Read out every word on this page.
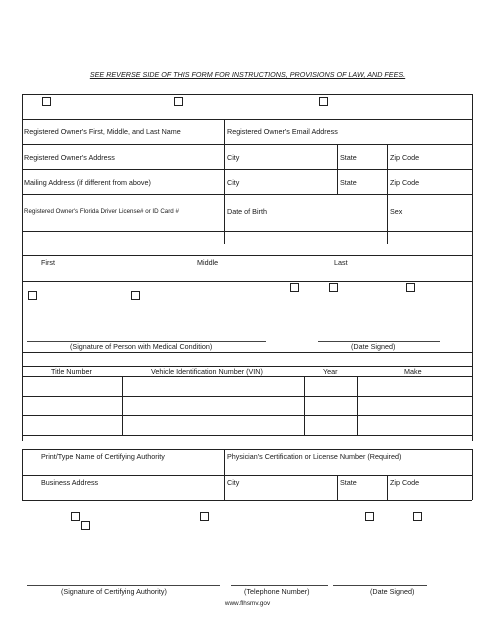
SEE REVERSE SIDE OF THIS FORM FOR INSTRUCTIONS, PROVISIONS OF LAW, AND FEES.
Registered Owner's First, Middle, and Last Name	Registered Owner's Email Address
Registered Owner's Address	City	State	Zip Code
Mailing Address (if different from above)	City	State	Zip Code
Registered Owner's Florida Driver License# or ID Card #	Date of Birth	Sex
First	Middle	Last
(Signature of Person with Medical Condition)	(Date Signed)
Title Number	Vehicle Identification Number (VIN)	Year	Make
Print/Type Name of Certifying Authority	Physician's Certification or License Number (Required)
Business Address	City	State	Zip Code
(Signature of Certifying Authority)	(Telephone Number)	(Date Signed)
www.flhsmv.gov
